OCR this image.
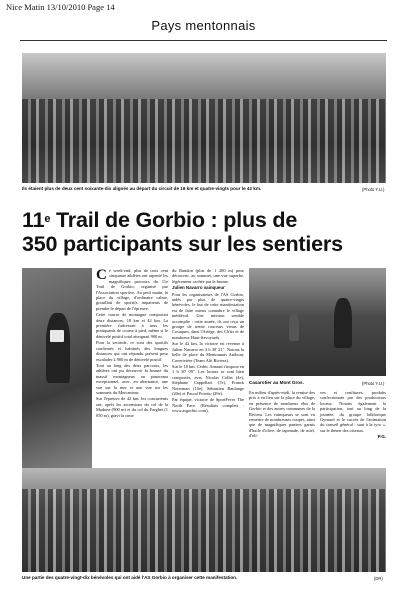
Nice Matin 13/10/2010 Page 14
Pays mentonnais
Ils étaient plus de deux cent soixante-dix alignés au départ du circuit de 18 km et quatre-vingts pour le 42 km.	(Photo Y.U.)
11e Trail de Gorbio : plus de
350 participants sur les sentiers

Ce week-end, plus de trois cent cinquante athlètes ont arpenté les magnifiques parcours du 11e Trail de Gorbio, organisé par l'Association sportive. Au petit matin, la place du village, d'ordinaire calme, grouillait de sportifs impatients de prendre le départ de l'épreuve.

Cette course de montagne comportait deux distances, 18 km et 42 km. La première s'adressait à tous les pratiquants de course à pied, même si le dénivelé positif total atteignait 900 m.

Pour la seconde, ce sont des sportifs confirmés et habitués des longues distances qui ont répondu présent pour escalader 2 900 m de dénivelé positif.

Tout au long des deux parcours, les athlètes ont pu découvrir la beauté du massif montagneux au panorama exceptionnel, avec, en alternance, une vue sur la mer et une vue sur les sommets du Mercantour.

Sur l'épreuve de 42 km, les concurrents ont, après les ascensions du col de la Madone (900 m) et du col du Farghet (1 050 m), gravi la cime

du Baudon (plus de 1 200 m) pour découvrir, au sommet, une vue superbe, légèrement cachée par la brume.

Julien Navarro vainqueur

Pour les organisateurs de l'AS Gorbio, aidés par plus de quatre-vingts bénévoles, le but de cette manifestation est de faire mieux connaître le village médiéval. Une mission semble accomplie : cette année, ils ont reçu un groupe de trente coureurs venus de Cosaques, dans l'Ariège, des Ch'tis et de nombreux Haut-Savoyards.

Sur le 42 km, la victoire est revenue à Julien Navarro en 3 h 30' 21". Notons la belle 4e place du Mentonnais Anthony Caverivière (Team Alti Riviera).

Sur le 18 km, Cédric Arnaud s'impose en 1 h 30' 09". Les locaux se sont bien comportés, avec Nicolas Collet (4e), Stéphane Cappellari (7e), Franck Noterman (10e), Sébastien Baulange (20e) et Pascal Poretto (29e).

Par équipe, victoire de SportFever The North Face. (Résultats complets : www.asgorbio.com).

Casarotier au Mont Gros.	(Photo Y.U.)

En milieu d'après-midi, la remise des prix a eu lieu sur la place du village, en présence de nombreux élus de Gorbio et des autres communes de la Riviera. Les vainqueurs se sont vu remettre de nombreuses coupes, ainsi que de magnifiques paniers garnis d'huile d'olive, de tapenade, de miel, d'oli-

ves et confitures, produits confectionnés par des producteurs locaux. Notons également la participation, tout au long de la journée, du groupe folklorique Gyrnard et le succès de l'animation du conseil général : saut à la tyro », sur le thème des oiseaux.

P.G.

Une partie des quatre-vingt-dix bénévoles qui ont aidé l'AS Gorbio à organiser cette manifestation.	(DR)
